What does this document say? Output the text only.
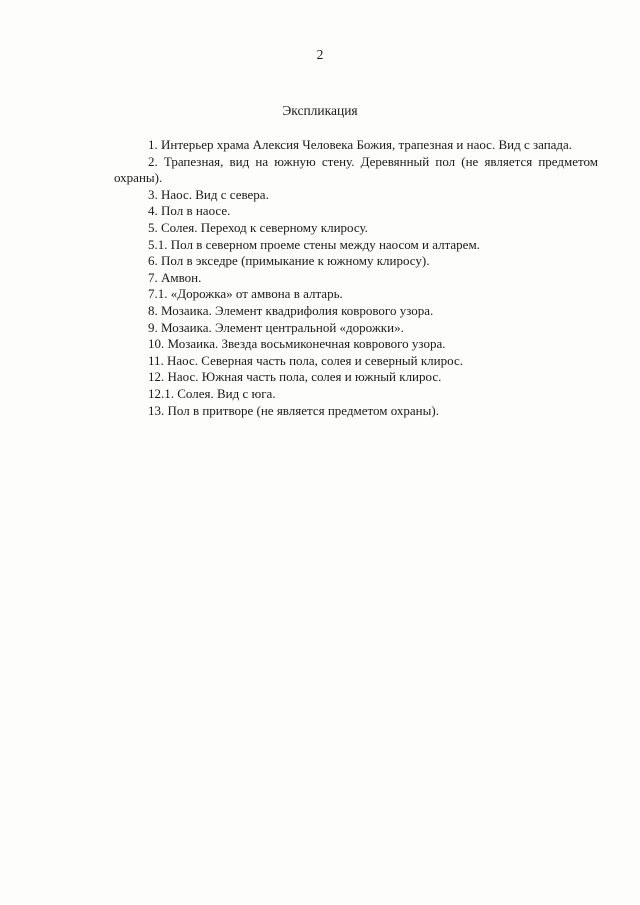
2
Экспликация
1. Интерьер храма Алексия Человека Божия, трапезная и наос. Вид с запада.
2. Трапезная, вид на южную стену. Деревянный пол (не является предметом охраны).
3. Наос. Вид с севера.
4. Пол в наосе.
5. Солея. Переход к северному клиросу.
5.1. Пол в северном проеме стены между наосом и алтарем.
6. Пол в экседре (примыкание к южному клиросу).
7. Амвон.
7.1. «Дорожка» от амвона в алтарь.
8. Мозаика. Элемент квадрифолия коврового узора.
9. Мозаика. Элемент центральной «дорожки».
10. Мозаика. Звезда восьмиконечная коврового узора.
11. Наос. Северная часть пола, солея и северный клирос.
12. Наос. Южная часть пола, солея и южный клирос.
12.1. Солея. Вид с юга.
13. Пол в притворе (не является предметом охраны).
